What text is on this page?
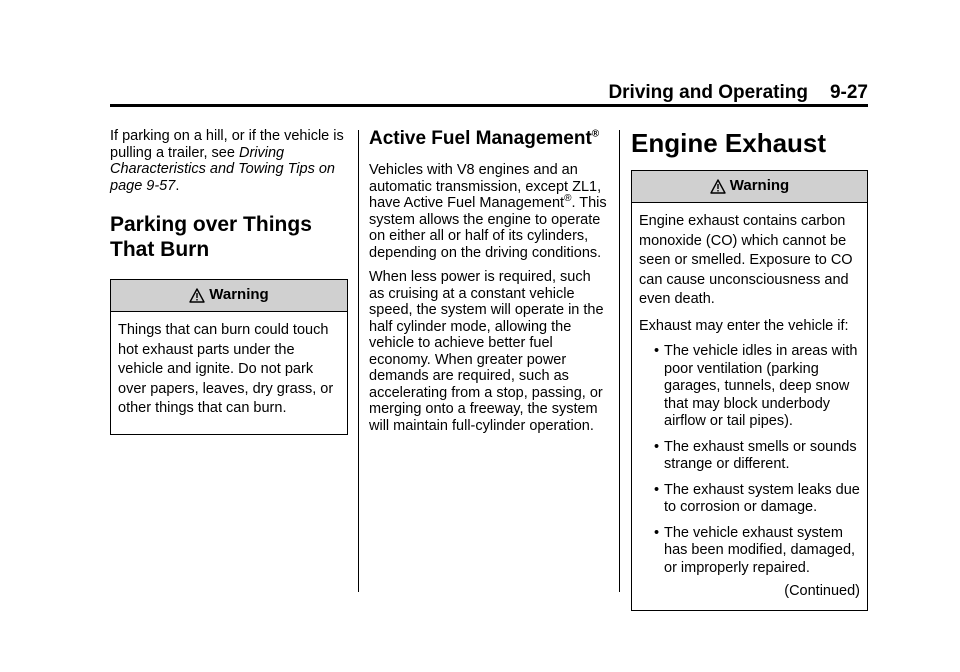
Driving and Operating 9-27

If parking on a hill, or if the vehicle is pulling a trailer, see Driving Characteristics and Towing Tips on page 9-57.

Parking over Things That Burn
Warning

Things that can burn could touch hot exhaust parts under the vehicle and ignite. Do not park over papers, leaves, dry grass, or other things that can burn.

Active Fuel Management®

Vehicles with V8 engines and an automatic transmission, except ZL1, have Active Fuel Management®. This system allows the engine to operate on either all or half of its cylinders, depending on the driving conditions.

When less power is required, such as cruising at a constant vehicle speed, the system will operate in the half cylinder mode, allowing the vehicle to achieve better fuel economy. When greater power demands are required, such as accelerating from a stop, passing, or merging onto a freeway, the system will maintain full-cylinder operation.

Engine Exhaust
Warning

Engine exhaust contains carbon monoxide (CO) which cannot be seen or smelled. Exposure to CO can cause unconsciousness and even death.

Exhaust may enter the vehicle if:

• The vehicle idles in areas with poor ventilation (parking garages, tunnels, deep snow that may block underbody airflow or tail pipes).
• The exhaust smells or sounds strange or different.
• The exhaust system leaks due to corrosion or damage.
• The vehicle exhaust system has been modified, damaged, or improperly repaired.
(Continued)
